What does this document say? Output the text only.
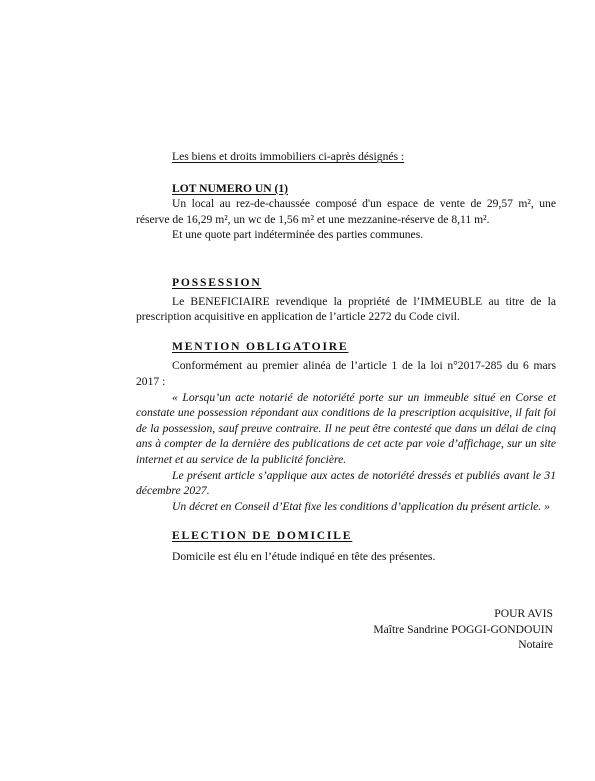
Les biens et droits immobiliers ci-après désignés :

LOT NUMERO UN (1)

Un local au rez-de-chaussée composé d'un espace de vente de 29,57 m², une réserve de 16,29 m², un wc de 1,56 m² et une mezzanine-réserve de 8,11 m².

Et une quote part indéterminée des parties communes.

POSSESSION

Le BENEFICIAIRE revendique la propriété de l’IMMEUBLE au titre de la prescription acquisitive en application de l’article 2272 du Code civil.

MENTION OBLIGATOIRE

Conformément au premier alinéa de l’article 1 de la loi n°2017-285 du 6 mars 2017 :

« Lorsqu’un acte notarié de notoriété porte sur un immeuble situé en Corse et constate une possession répondant aux conditions de la prescription acquisitive, il fait foi de la possession, sauf preuve contraire. Il ne peut être contesté que dans un délai de cinq ans à compter de la dernière des publications de cet acte par voie d’affichage, sur un site internet et au service de la publicité foncière.

Le présent article s’applique aux actes de notoriété dressés et publiés avant le 31 décembre 2027.

Un décret en Conseil d’Etat fixe les conditions d’application du présent article. »

ELECTION DE DOMICILE

Domicile est élu en l’étude indiqué en tête des présentes.

POUR AVIS

Maître Sandrine POGGI-GONDOUIN

Notaire
